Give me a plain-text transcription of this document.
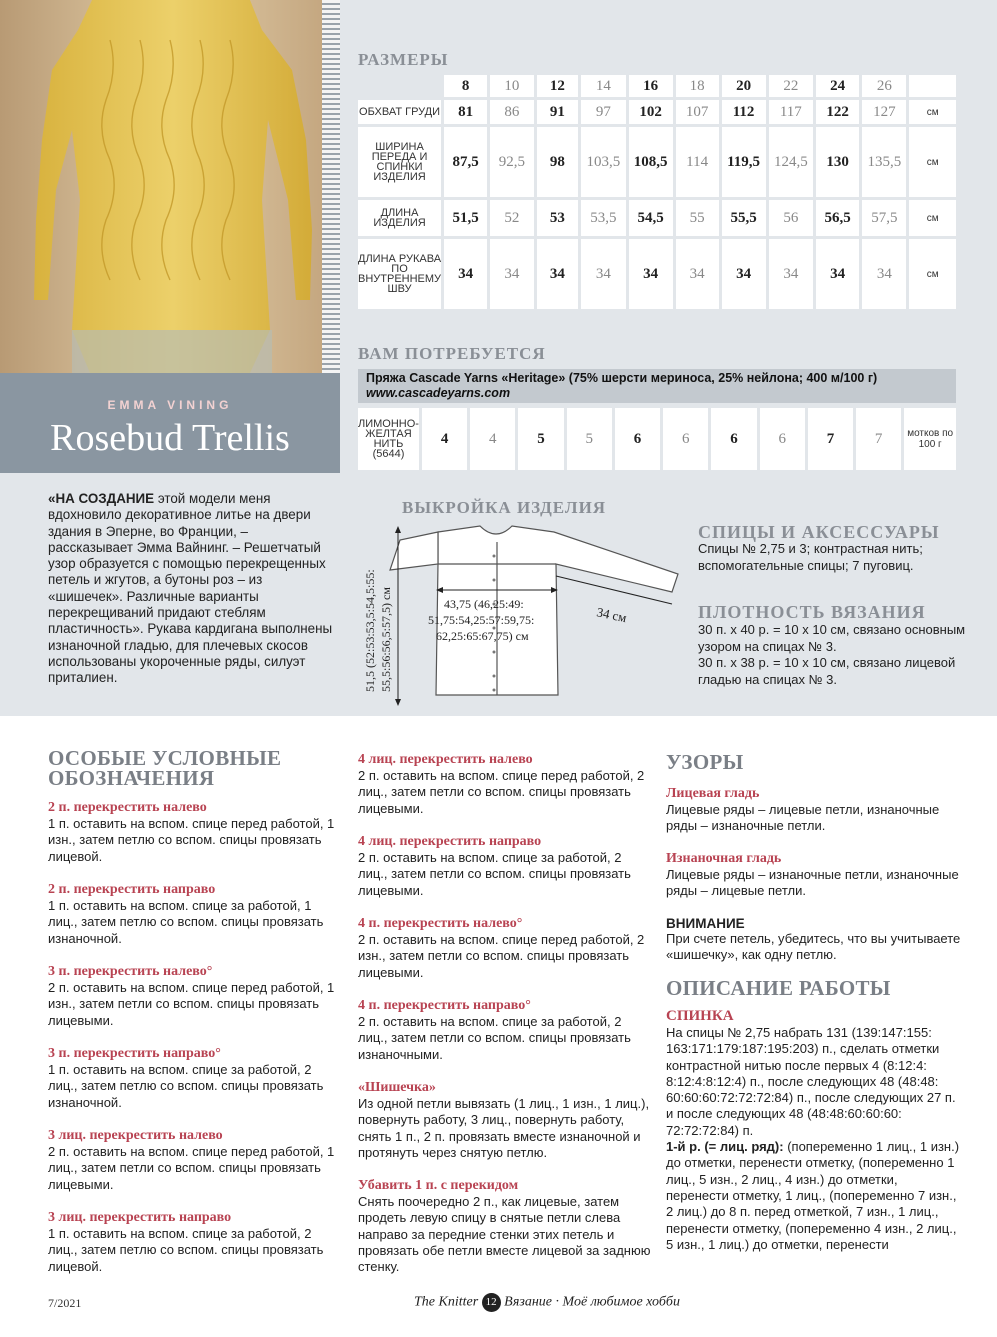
EMMA VINING
Rosebud Trellis
«НА СОЗДАНИЕ этой модели меня вдохновило декоративное литье на двери здания в Эперне, во Франции, – рассказывает Эмма Вайнинг. – Решетчатый узор образуется с помощью перекрещенных петель и жгутов, а бутоны роз – из «шишечек». Различные варианты перекрещиваний придают стеблям пластичность». Рукава кардигана выполнены изнаночной гладью, для плечевых скосов использованы укороченные ряды, силуэт приталиен.
РАЗМЕРЫ
	8	10	12	14	16	18	20	22	24	26	
ОБХВАТ ГРУДИ	81	86	91	97	102	107	112	117	122	127	см
ШИРИНА ПЕРЕДА И СПИНКИ ИЗДЕЛИЯ	87,5	92,5	98	103,5	108,5	114	119,5	124,5	130	135,5	см
ДЛИНА ИЗДЕЛИЯ	51,5	52	53	53,5	54,5	55	55,5	56	56,5	57,5	см
ДЛИНА РУКАВА ПО ВНУТРЕННЕМУ ШВУ	34	34	34	34	34	34	34	34	34	34	см
ВАМ ПОТРЕБУЕТСЯ
Пряжа Cascade Yarns «Heritage» (75% шерсти мериноса, 25% нейлона; 400 м/100 г)
www.cascadeyarns.com
ЛИМОННО-ЖЕЛТАЯ НИТЬ
(5644)	4	4	5	5	6	6	6	6	7	7	мотков по 100 г
ВЫКРОЙКА ИЗДЕЛИЯ
43,75 (46,25:49:
51,75:54,25:57:59,75:
62,25:65:67,75) см
34 см
51,5 (52:53:53,5:54,5:55: 55,5:56:56,5:57,5) см
СПИЦЫ И АКСЕССУАРЫ
Спицы № 2,75 и 3; контрастная нить; вспомогательные спицы; 7 пуговиц.
ПЛОТНОСТЬ ВЯЗАНИЯ
30 п. x 40 р. = 10 x 10 см, связано основным узором на спицах № 3.
30 п. x 38 р. = 10 x 10 см, связано лицевой гладью на спицах № 3.
ОСОБЫЕ УСЛОВНЫЕ ОБОЗНАЧЕНИЯ
2 п. перекрестить налево
1 п. оставить на вспом. спице перед работой, 1 изн., затем петлю со вспом. спицы провязать лицевой.
2 п. перекрестить направо
1 п. оставить на вспом. спице за работой, 1 лиц., затем петлю со вспом. спицы провязать изнаночной.
3 п. перекрестить налево°
2 п. оставить на вспом. спице перед работой, 1 изн., затем петли со вспом. спицы провязать лицевыми.
3 п. перекрестить направо°
1 п. оставить на вспом. спице за работой, 2 лиц., затем петлю со вспом. спицы провязать изнаночной.
3 лиц. перекрестить налево
2 п. оставить на вспом. спице перед работой, 1 лиц., затем петли со вспом. спицы провязать лицевыми.
3 лиц. перекрестить направо
1 п. оставить на вспом. спице за работой, 2 лиц., затем петлю со вспом. спицы провязать лицевой.
4 лиц. перекрестить налево
2 п. оставить на вспом. спице перед работой, 2 лиц., затем петли со вспом. спицы провязать лицевыми.
4 лиц. перекрестить направо
2 п. оставить на вспом. спице за работой, 2 лиц., затем петли со вспом. спицы провязать лицевыми.
4 п. перекрестить налево°
2 п. оставить на вспом. спице перед работой, 2 изн., затем петли со вспом. спицы провязать лицевыми.
4 п. перекрестить направо°
2 п. оставить на вспом. спице за работой, 2 лиц., затем петли со вспом. спицы провязать изнаночными.
«Шишечка»
Из одной петли вывязать (1 лиц., 1 изн., 1 лиц.), повернуть работу, 3 лиц., повернуть работу, снять 1 п., 2 п. провязать вместе изнаночной и протянуть через снятую петлю.
Убавить 1 п. с перекидом
Снять поочередно 2 п., как лицевые, затем продеть левую спицу в снятые петли слева направо за передние стенки этих петель и провязать обе петли вместе лицевой за заднюю стенку.
УЗОРЫ
Лицевая гладь
Лицевые ряды – лицевые петли, изнаночные ряды – изнаночные петли.
Изнаночная гладь
Лицевые ряды – изнаночные петли, изнаночные ряды – лицевые петли.
ВНИМАНИЕ
При счете петель, убедитесь, что вы учитываете «шишечку», как одну петлю.
ОПИСАНИЕ РАБОТЫ
СПИНКА
На спицы № 2,75 набрать 131 (139:147:155: 163:171:179:187:195:203) п., сделать отметки контрастной нитью после первых 4 (8:12:4: 8:12:4:8:12:4) п., после следующих 48 (48:48: 60:60:60:72:72:72:84) п., после следующих 27 п. и после следующих 48 (48:48:60:60:60: 72:72:72:84) п.
1-й р. (= лиц. ряд): (попеременно 1 лиц., 1 изн.) до отметки, перенести отметку, (попеременно 1 лиц., 5 изн., 2 лиц., 4 изн.) до отметки, перенести отметку, 1 лиц., (попеременно 7 изн., 2 лиц.) до 8 п. перед отметкой, 7 изн., 1 лиц., перенести отметку, (попеременно 4 изн., 2 лиц., 5 изн., 1 лиц.) до отметки, перенести
7/2021	The Knitter 12 Вязание · Моё любимое хобби
